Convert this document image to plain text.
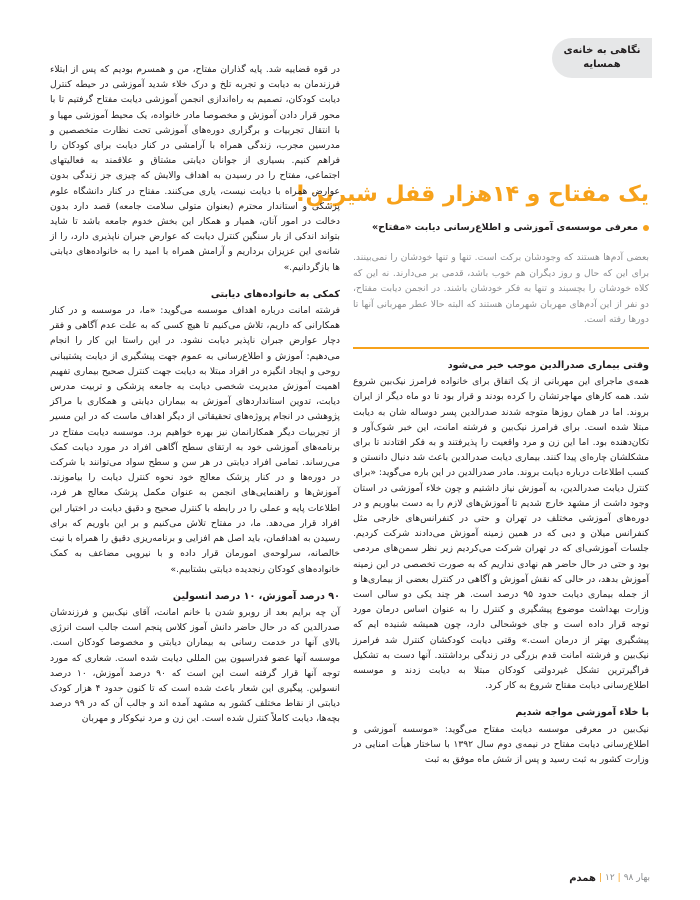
نگاهی به خانه‌ی
همسایه
یک مفتاح و ۱۴هزار قفل شیرین!
معرفی موسسه‌ی آموزشی و اطلاع‌رسانی دیابت «مفتاح»

بعضی آدم‌ها هستند که وجودشان برکت است. تنها و تنها خودشان را نمی‌بینند. برای این که حال و روز دیگران هم خوب باشد، قدمی بر می‌دارند. نه این که کلاه خودشان را بچسبند و تنها به فکر خودشان باشند. در انجمن دیابت مفتاح، دو نفر از این آدم‌های مهربان شهرمان هستند که البته حالا عطر مهربانی آنها تا دورها رفته است.

وقتی بیماری صدرالدین موجب خیر می‌شود

همه‌ی ماجرای این مهربانی از یک اتفاق برای خانواده فرامرز نیک‌بین شروع شد. همه کارهای مهاجرتشان را کرده بودند و قرار بود تا دو ماه دیگر از ایران بروند. اما در همان روزها متوجه شدند صدرالدین پسر دوساله شان به دیابت مبتلا شده است. برای فرامرز نیک‌بین و فرشته امانت، این خبر شوک‌آور و تکان‌دهنده بود. اما این زن و مرد واقعیت را پذیرفتند و به فکر افتادند تا برای مشکلشان چاره‌ای پیدا کنند. بیماری دیابت صدرالدین باعث شد دنبال دانستن و کسب اطلاعات درباره دیابت بروند. مادر صدرالدین در این باره می‌گوید: «برای کنترل دیابت صدرالدین، به آموزش نیاز داشتیم و چون خلاء آموزشی در استان وجود داشت از مشهد خارج شدیم تا آموزش‌های لازم را به دست بیاوریم و در دوره‌های آموزشی مختلف در تهران و حتی در کنفرانس‌های خارجی مثل کنفرانس میلان و دبی که در همین زمینه آموزش می‌دادند شرکت کردیم. جلسات آموزشی‌ای که در تهران شرکت می‌کردیم زیر نظر سمن‌های مردمی بود و حتی در حال حاضر هم نهادی نداریم که به صورت تخصصی در این زمینه آموزش بدهد، در حالی که نقش آموزش و آگاهی در کنترل بعضی از بیماری‌ها و از جمله بیماری دیابت حدود ۹۵ درصد است. هر چند یکی دو سالی است وزارت بهداشت موضوع پیشگیری و کنترل را به عنوان اساس درمان مورد توجه قرار داده است و جای خوشحالی دارد، چون همیشه شنیده ایم که پیشگیری بهتر از درمان است.» وقتی دیابت کودکشان کنترل شد فرامرز نیک‌بین و فرشته امانت قدم بزرگی در زندگی برداشتند. آنها دست به تشکیل فراگیرترین تشکل غیردولتی کودکان مبتلا به دیابت زدند و موسسه اطلاع‌رسانی دیابت مفتاح شروع به کار کرد.

با خلاء آموزشی مواجه شدیم

نیک‌بین در معرفی موسسه دیابت مفتاح می‌گوید: «موسسه آموزشی و اطلاع‌رسانی دیابت مفتاح در نیمه‌ی دوم سال ۱۳۹۲ با ساختار هیأت امنایی در وزارت کشور به ثبت رسید و پس از شش ماه موفق به ثبت

در قوه قضاییه شد. پایه گذاران مفتاح، من و همسرم بودیم که پس از ابتلاء فرزندمان به دیابت و تجربه تلخ و درک خلاء شدید آموزشی در حیطه کنترل دیابت کودکان، تصمیم به راه‌اندازی انجمن آموزشی دیابت مفتاح گرفتیم تا با محور قرار دادن آموزش و مخصوصا مادر خانواده، یک محیط آموزشی مهیا و با انتقال تجربیات و برگزاری دوره‌های آموزشی تحت نظارت متخصصین و مدرسین مجرب، زندگی همراه با آرامشی در کنار دیابت برای کودکان را فراهم کنیم. بسیاری از جوانان دیابتی مشتاق و علاقمند به فعالیتهای اجتماعی، مفتاح را در رسیدن به اهداف والایش که چیزی جز زندگی بدون عوارض همراه با دیابت نیست، یاری می‌کنند. مفتاح در کنار دانشگاه علوم پزشکی و استاندار محترم (بعنوان متولی سلامت جامعه) قصد دارد بدون دخالت در امور آنان، همیار و همکار این بخش خدوم جامعه باشد تا شاید بتواند اندکی از بار سنگین کنترل دیابت که عوارض جبران ناپذیری دارد، را از شانه‌ی این عزیزان برداریم و آرامش همراه با امید را به خانواده‌های دیابتی ها بازگردانیم.»

کمکی به خانواده‌های دیابتی

فرشته امانت درباره اهداف موسسه می‌گوید: «ما، در موسسه و در کنار همکارانی که داریم، تلاش می‌کنیم تا هیچ کسی که به علت عدم آگاهی و فقر دچار عوارض جبران ناپذیر دیابت نشود. در این راستا این کار را انجام می‌دهیم: آموزش و اطلاع‌رسانی به عموم جهت پیشگیری از دیابت پشتیبانی روحی و ایجاد انگیزه در افراد مبتلا به دیابت جهت کنترل صحیح بیماری تفهیم اهمیت آموزش مدیریت شخصی دیابت به جامعه پزشکی و تربیت مدرس دیابت، تدوین استانداردهای آموزش به بیماران دیابتی و همکاری با مراکز پژوهشی در انجام پروژه‌های تحقیقاتی از دیگر اهداف ماست که در این مسیر از تجربیات دیگر همکارانمان نیز بهره خواهیم برد. موسسه دیابت مفتاح در برنامه‌های آموزشی خود به ارتقای سطح آگاهی افراد در مورد دیابت کمک می‌رساند. تمامی افراد دیابتی در هر سن و سطح سواد می‌توانند با شرکت در دوره‌ها و در کنار پزشک معالج خود نحوه کنترل دیابت را بیاموزند. آموزش‌ها و راهنمایی‌های انجمن به عنوان مکمل پزشک معالج هر فرد، اطلاعات پایه و عملی را در رابطه با کنترل صحیح و دقیق دیابت در اختیار این افراد قرار می‌دهد. ما، در مفتاح تلاش می‌کنیم و بر این باوریم که برای رسیدن به اهدافمان، باید اصل هم افزایی و برنامه‌ریزی دقیق را همراه با نیت خالصانه، سرلوحه‌ی امورمان قرار داده و با نیرویی مضاعف به کمک خانواده‌های کودکان رنجدیده دیابتی بشتابیم.»

۹۰ درصد آموزش، ۱۰ درصد انسولین

آن چه برایم بعد از روبرو شدن با خانم امانت، آقای نیک‌بین و فرزندشان صدرالدین که در حال حاضر دانش آموز کلاس پنجم است جالب است انرژی بالای آنها در خدمت رسانی به بیماران دیابتی و مخصوصا کودکان است. موسسه آنها عضو فدراسیون بین المللی دیابت شده است. شعاری که مورد توجه آنها قرار گرفته است این است که ۹۰ درصد آموزش، ۱۰ درصد انسولین. پیگیری این شعار باعث شده است که تا کنون حدود ۴ هزار کودک دیابتی از نقاط مختلف کشور به مشهد آمده اند و جالب آن که در ۹۹ درصد بچه‌ها، دیابت کاملاً کنترل شده است. این زن و مرد نیکوکار و مهربان

بهار ۹۸
|
۱۲
|
همدم
